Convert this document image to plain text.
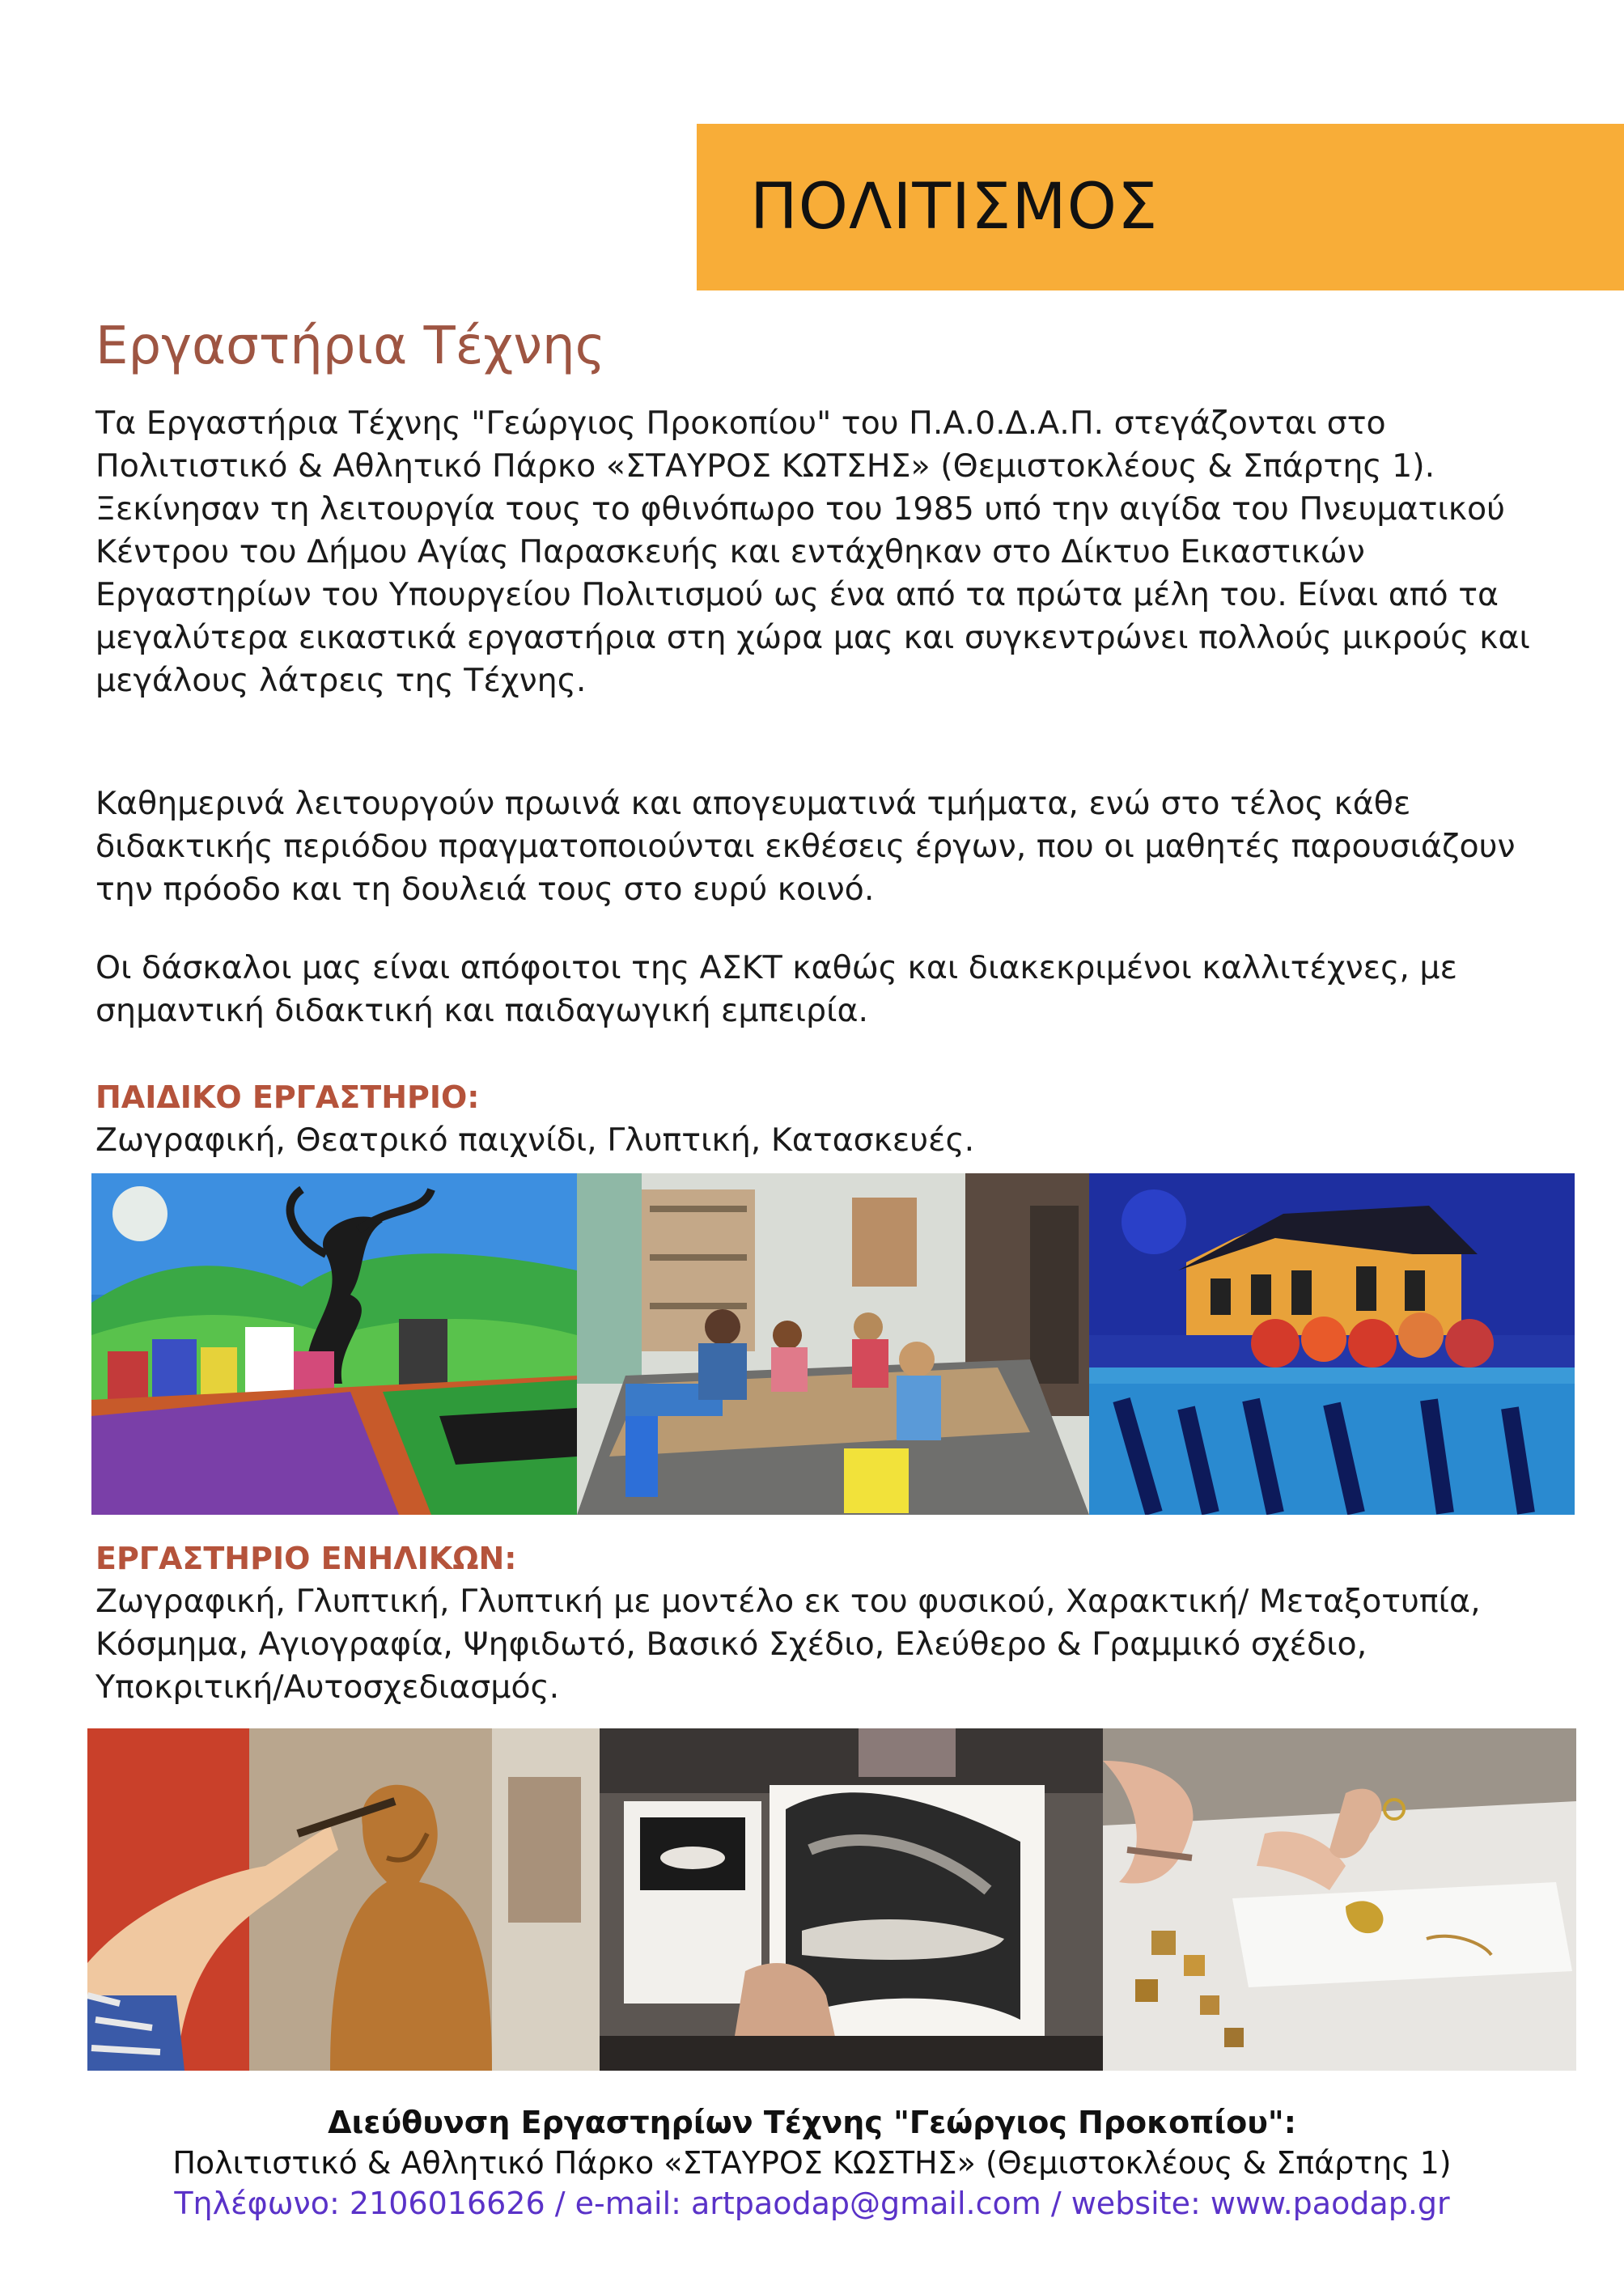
ΠΟΛΙΤΙΣΜΟΣ
Εργαστήρια Τέχνης
Τα Εργαστήρια Τέχνης "Γεώργιος Προκοπίου" του Π.Α.0.Δ.Α.Π. στεγάζονται στο Πολιτιστικό & Αθλητικό Πάρκο «ΣΤΑΥΡΟΣ ΚΩΤΣΗΣ» (Θεμιστοκλέους & Σπάρτης 1). Ξεκίνησαν τη λειτουργία τους το φθινόπωρο του 1985 υπό την αιγίδα του Πνευματικού Κέντρου του Δήμου Αγίας Παρασκευής και εντάχθηκαν στο Δίκτυο Εικαστικών Εργαστηρίων του Υπουργείου Πολιτισμού ως ένα από τα πρώτα μέλη του. Είναι από τα μεγαλύτερα εικαστικά εργαστήρια στη χώρα μας και συγκεντρώνει πολλούς μικρούς και μεγάλους λάτρεις της Τέχνης.
Καθημερινά λειτουργούν πρωινά και απογευματινά τμήματα, ενώ στο τέλος κάθε διδακτικής περιόδου πραγματοποιούνται εκθέσεις έργων, που οι μαθητές παρουσιάζουν την πρόοδο και τη δουλειά τους στο ευρύ κοινό.
Οι δάσκαλοι μας είναι απόφοιτοι της ΑΣΚΤ καθώς και διακεκριμένοι καλλιτέχνες, με σημαντική διδακτική και παιδαγωγική εμπειρία.
ΠΑΙΔΙΚΟ ΕΡΓΑΣΤΗΡΙΟ:
Ζωγραφική, Θεατρικό παιχνίδι, Γλυπτική, Κατασκευές.
ΕΡΓΑΣΤΗΡΙΟ ΕΝΗΛΙΚΩΝ:
Ζωγραφική, Γλυπτική, Γλυπτική με μοντέλο εκ του φυσικού, Χαρακτική/ Μεταξοτυπία, Κόσμημα, Αγιογραφία, Ψηφιδωτό, Βασικό Σχέδιο, Ελεύθερο & Γραμμικό σχέδιο, Υποκριτική/Αυτοσχεδιασμός.
Διεύθυνση Εργαστηρίων Τέχνης "Γεώργιος Προκοπίου":
Πολιτιστικό & Αθλητικό Πάρκο «ΣΤΑΥΡΟΣ ΚΩΣΤΗΣ» (Θεμιστοκλέους & Σπάρτης 1)
Τηλέφωνο: 2106016626 / e-mail: artpaodap@gmail.com / website: www.paodap.gr
